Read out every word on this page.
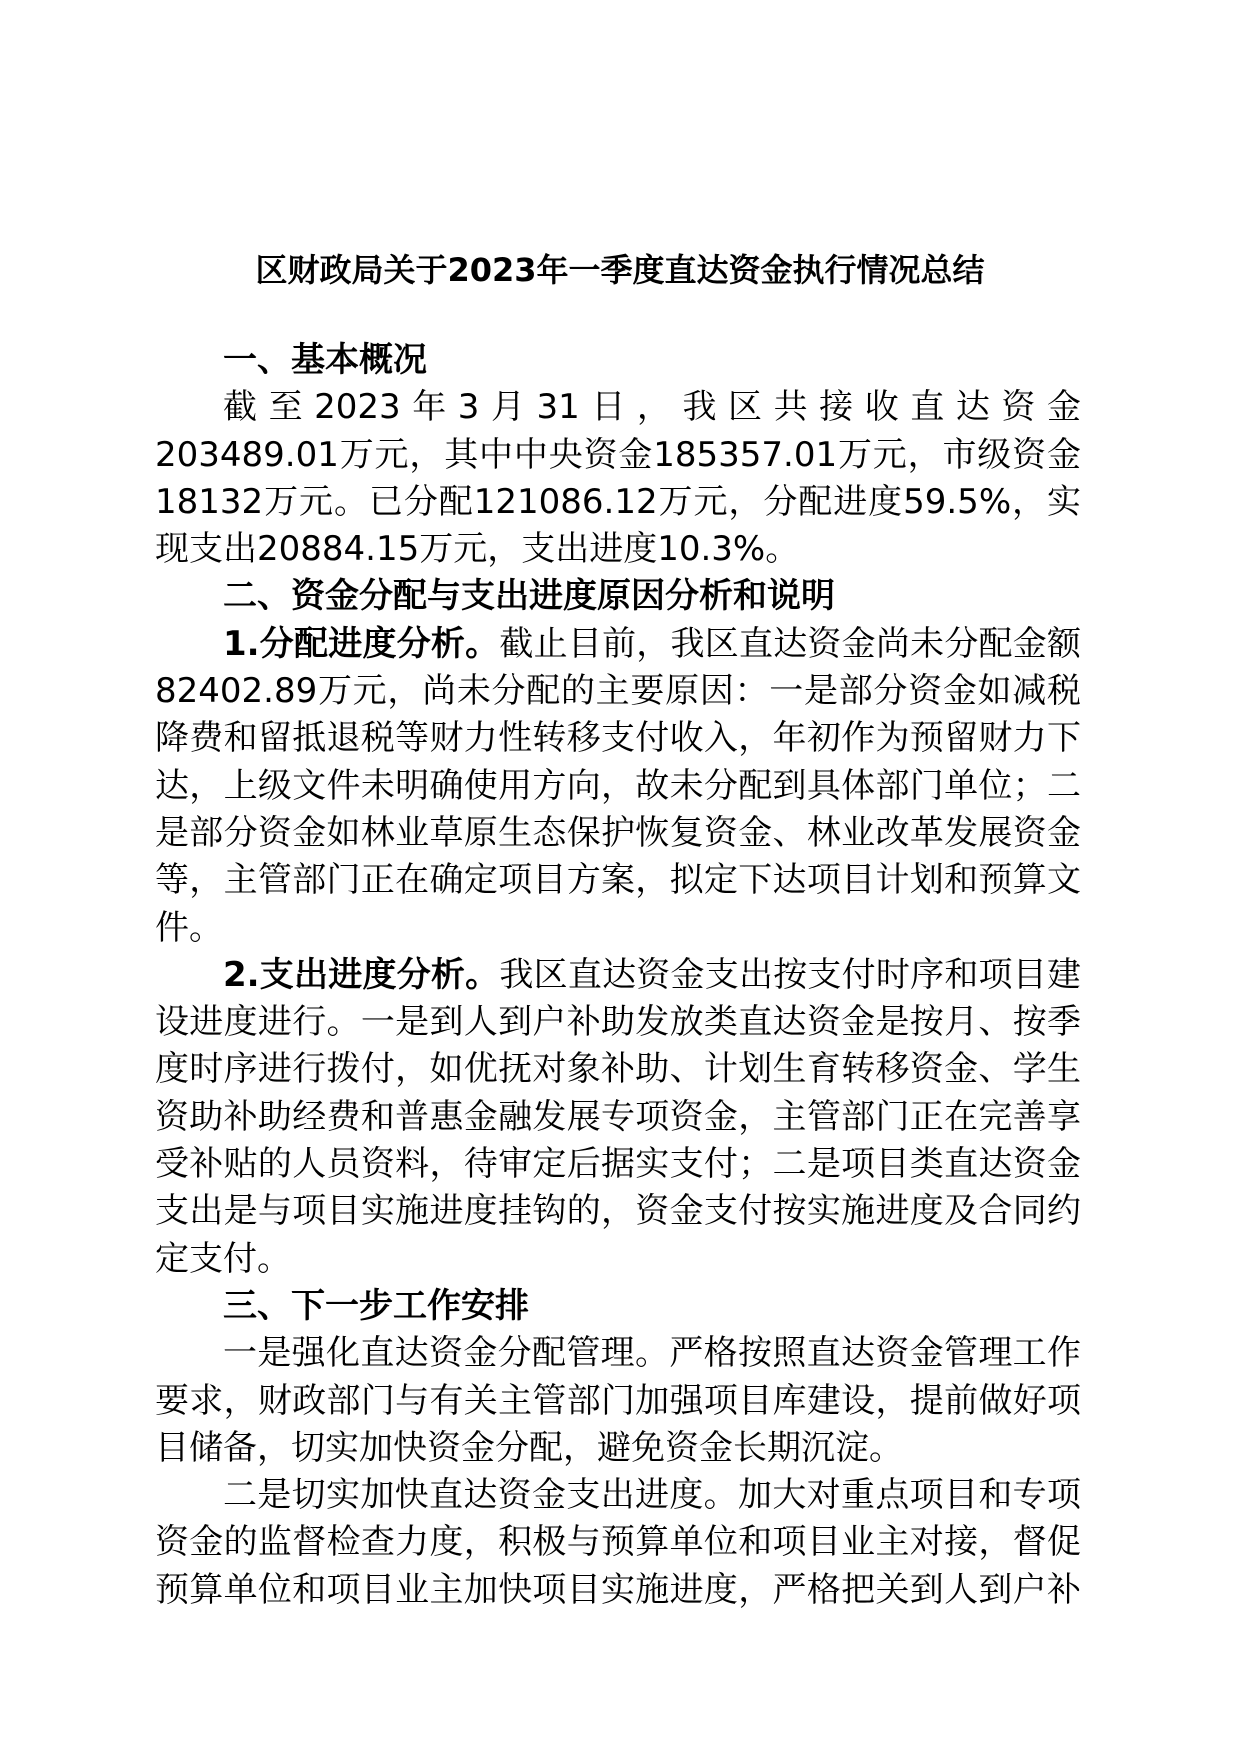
区财政局关于2023年一季度直达资金执行情况总结
一、基本概况
截至2023年3月31日，我区共接收直达资金
203489.01万元，其中中央资金185357.01万元，市级资金
18132万元。已分配121086.12万元，分配进度59.5%，实
现支出20884.15万元，支出进度10.3%。
二、资金分配与支出进度原因分析和说明
1.分配进度分析。截止目前，我区直达资金尚未分配金额
82402.89万元，尚未分配的主要原因：一是部分资金如减税
降费和留抵退税等财力性转移支付收入，年初作为预留财力下
达，上级文件未明确使用方向，故未分配到具体部门单位；二
是部分资金如林业草原生态保护恢复资金、林业改革发展资金
等，主管部门正在确定项目方案，拟定下达项目计划和预算文
件。
2.支出进度分析。我区直达资金支出按支付时序和项目建
设进度进行。一是到人到户补助发放类直达资金是按月、按季
度时序进行拨付，如优抚对象补助、计划生育转移资金、学生
资助补助经费和普惠金融发展专项资金，主管部门正在完善享
受补贴的人员资料，待审定后据实支付；二是项目类直达资金
支出是与项目实施进度挂钩的，资金支付按实施进度及合同约
定支付。
三、下一步工作安排
一是强化直达资金分配管理。严格按照直达资金管理工作
要求，财政部门与有关主管部门加强项目库建设，提前做好项
目储备，切实加快资金分配，避免资金长期沉淀。
二是切实加快直达资金支出进度。加大对重点项目和专项
资金的监督检查力度，积极与预算单位和项目业主对接，督促
预算单位和项目业主加快项目实施进度，严格把关到人到户补
